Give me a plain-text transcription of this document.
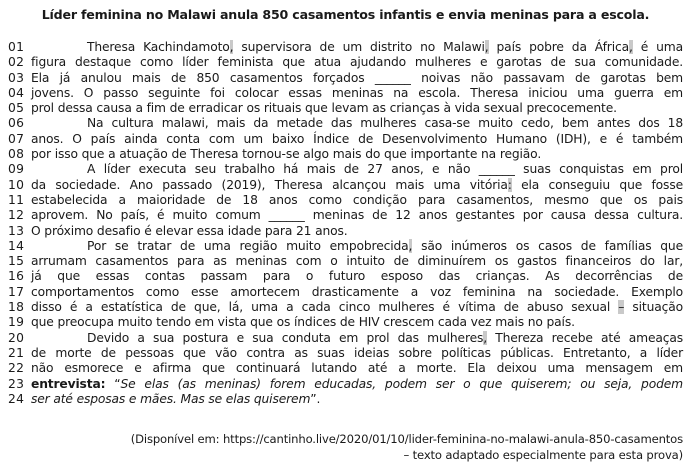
Líder feminina no Malawi anula 850 casamentos infantis e envia meninas para a escola.
01	Theresa Kachindamoto, supervisora de um distrito no Malawi, país pobre da África, é uma
02 figura destaque como líder feminista que atua ajudando mulheres e garotas de sua comunidade.
03 Ela já anulou mais de 850 casamentos forçados ______ noivas não passavam de garotas bem
04 jovens. O passo seguinte foi colocar essas meninas na escola. Theresa iniciou uma guerra em
05 prol dessa causa a fim de erradicar os rituais que levam as crianças à vida sexual precocemente.
06	Na cultura malawi, mais da metade das mulheres casa-se muito cedo, bem antes dos 18
07 anos. O país ainda conta com um baixo Índice de Desenvolvimento Humano (IDH), e é também
08 por isso que a atuação de Theresa tornou-se algo mais do que importante na região.
09	A líder executa seu trabalho há mais de 27 anos, e não ______ suas conquistas em prol
10 da sociedade. Ano passado (2019), Theresa alcançou mais uma vitória: ela conseguiu que fosse
11 estabelecida a maioridade de 18 anos como condição para casamentos, mesmo que os pais
12 aprovem. No país, é muito comum ______ meninas de 12 anos gestantes por causa dessa cultura.
13 O próximo desafio é elevar essa idade para 21 anos.
14	Por se tratar de uma região muito empobrecida, são inúmeros os casos de famílias que
15 arrumam casamentos para as meninas com o intuito de diminuírem os gastos financeiros do lar,
16 já que essas contas passam para o futuro esposo das crianças. As decorrências de
17 comportamentos como esse amortecem drasticamente a voz feminina na sociedade. Exemplo
18 disso é a estatística de que, lá, uma a cada cinco mulheres é vítima de abuso sexual – situação
19 que preocupa muito tendo em vista que os índices de HIV crescem cada vez mais no país.
20	Devido a sua postura e sua conduta em prol das mulheres, Thereza recebe até ameaças
21 de morte de pessoas que vão contra as suas ideias sobre políticas públicas. Entretanto, a líder
22 não esmorece e afirma que continuará lutando até a morte. Ela deixou uma mensagem em
23 entrevista: “Se elas (as meninas) forem educadas, podem ser o que quiserem; ou seja, podem
24 ser até esposas e mães. Mas se elas quiserem”.
(Disponível em: https://cantinho.live/2020/01/10/lider-feminina-no-malawi-anula-850-casamentos
– texto adaptado especialmente para esta prova)
